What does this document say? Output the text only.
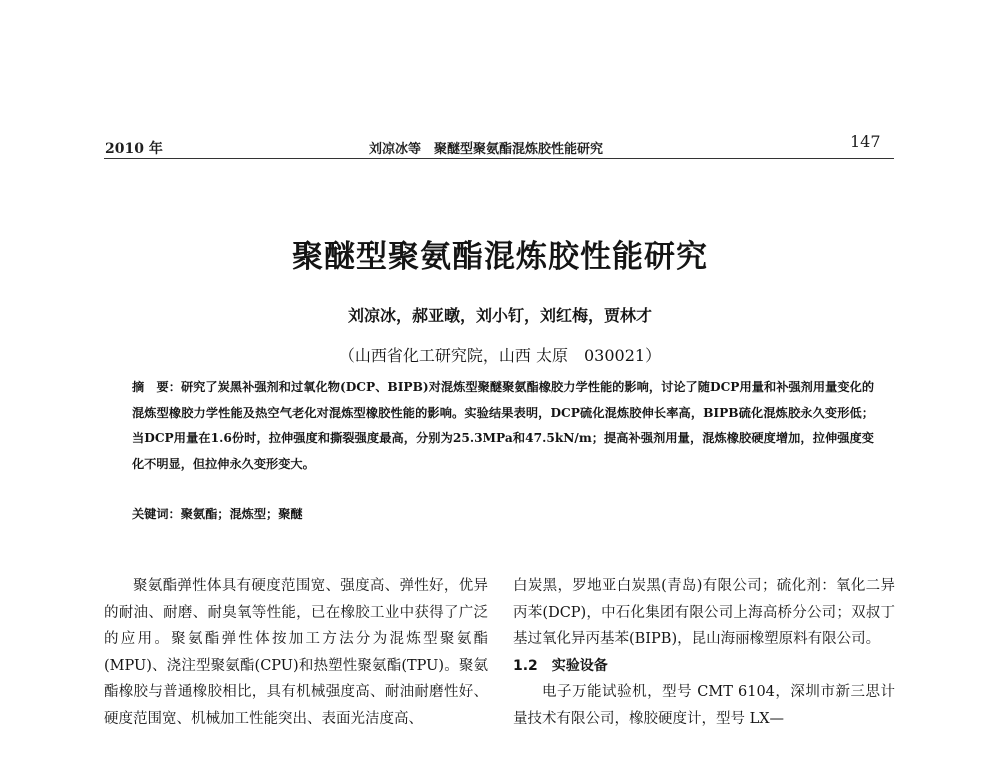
2010 年	刘凉冰等　聚醚型聚氨酯混炼胶性能研究	147
聚醚型聚氨酯混炼胶性能研究
刘凉冰，郝亚暾，刘小钉，刘红梅，贾林才
（山西省化工研究院，山西 太原　030021）

摘　要：研究了炭黑补强剂和过氧化物(DCP、BIPB)对混炼型聚醚聚氨酯橡胶力学性能的影响，讨论了随DCP用量和补强剂用量变化的混炼型橡胶力学性能及热空气老化对混炼型橡胶性能的影响。实验结果表明，DCP硫化混炼胶伸长率高，BIPB硫化混炼胶永久变形低；当DCP用量在1.6份时，拉伸强度和撕裂强度最高，分别为25.3MPa和47.5kN/m；提高补强剂用量，混炼橡胶硬度增加，拉伸强度变化不明显，但拉伸永久变形变大。

关键词：聚氨酯；混炼型；聚醚

聚氨酯弹性体具有硬度范围宽、强度高、弹性好，优异的耐油、耐磨、耐臭氧等性能，已在橡胶工业中获得了广泛的应用。聚氨酯弹性体按加工方法分为混炼型聚氨酯(MPU)、浇注型聚氨酯(CPU)和热塑性聚氨酯(TPU)。聚氨酯橡胶与普通橡胶相比，具有机械强度高、耐油耐磨性好、硬度范围宽、机械加工性能突出、表面光洁度高、

白炭黑，罗地亚白炭黑(青岛)有限公司；硫化剂：氧化二异丙苯(DCP)，中石化集团有限公司上海高桥分公司；双叔丁基过氧化异丙基苯(BIPB)，昆山海丽橡塑原料有限公司。

1.2　实验设备

电子万能试验机，型号 CMT 6104，深圳市新三思计量技术有限公司，橡胶硬度计，型号 LX—
